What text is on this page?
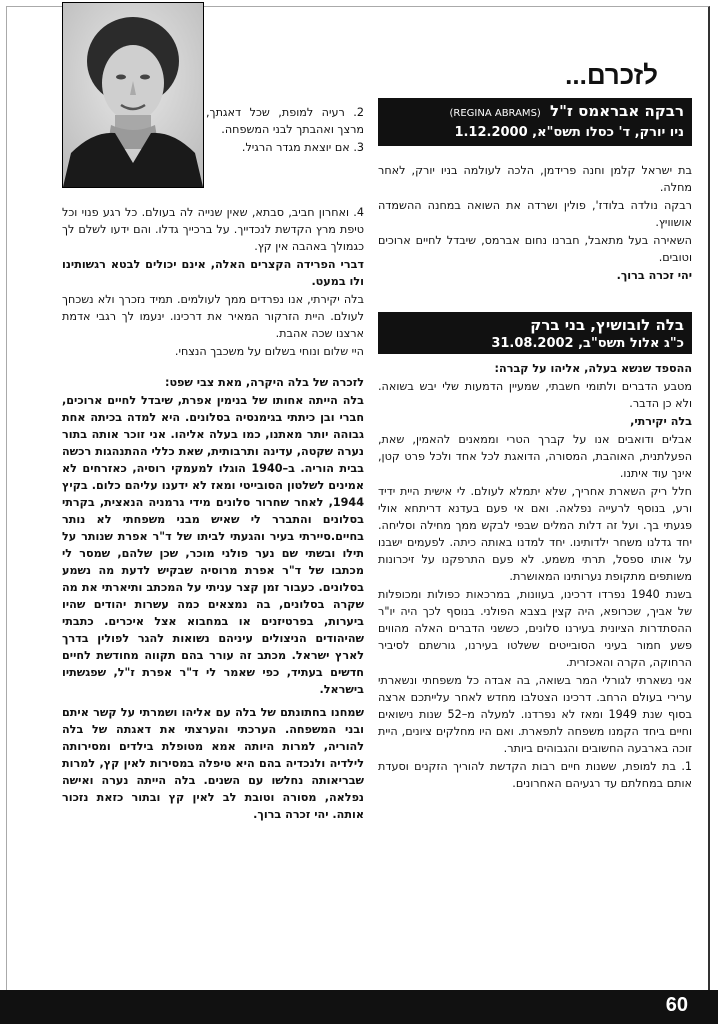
לזכרם...
רבקה אבראמס ז"ל (REGINA ABRAMS)
ניו יורק, ד' כסלו תשס"א, 1.12.2000

בת ישראל קלמן וחנה פרידמן, הלכה לעולמה בניו יורק, לאחר מחלה.

רבקה נולדה בלודז', פולין ושרדה את השואה במחנה ההשמדה אושוויץ.

השאירה בעל מתאבל, חברנו נחום אברמס, שיבדל לחיים ארוכים וטובים.

יהי זכרה ברוך.

בלה לובושיץ, בני ברק
כ"ג אלול תשס"ב, 31.08.2002

ההספד שנשא בעלה, אליהו על קברה:

מטבע הדברים ולתומי חשבתי, שמעיין הדמעות שלי יבש בשואה. ולא כן הדבר.

בלה יקירתי,

אבלים ודואבים אנו על קברך הטרי וממאנים להאמין, שאת, הפעלתנית, האוהבת, המסורה, הדואגת לכל אחד ולכל פרט קטן, אינך עוד איתנו.

חלל ריק השארת אחריך, שלא יתמלא לעולם. לי אישית היית ידיד ורע, בנוסף לרעייה נפלאה. ואם אי פעם בעדנא דריתחא אולי פגעתי בך. ועל זה דלות המלים שבפי לבקש ממך מחילה וסליחה. יחד גדלנו משחר ילדותינו. יחד למדנו באותה כיתה. לפעמים ישבנו על אותו ספסל, תרתי משמע. לא פעם התרפקנו על זיכרונות משותפים מתקופת נערותינו המאושרת.

בשנת 1940 נפרדו דרכינו, בעוונות, במרכאות כפולות ומכופלות של אביך, שכרופא, היה קצין בצבא הפולני. בנוסף לכך היה יו"ר ההסתדרות הציונית בעירנו סלונים, כששני הדברים האלה מהווים פשע חמור בעיני הסובייטים ששלטו בעירנו, גורשתם לסיביר הרחוקה, הקרה והאכזרית.

אני נשארתי לגורלי המר בשואה, בה אבדה כל משפחתי ונשארתי ערירי בעולם הרחב. דרכינו הצטלבו מחדש לאחר עלייתכם ארצה בסוף שנת 1949 ומאז לא נפרדנו. למעלה מ–52 שנות נישואים וחיים ביחד הקמנו משפחה לתפארת. ואם היו מחלקים ציונים, היית זוכה בארבעה החשובים והגבוהים ביותר.

1. בת למופת, ששנות חיים רבות הקדשת להוריך הזקנים וסעדת אותם במחלתם עד רגעיהם האחרונים.

2. רעיה למופת, שכל דאגתך, מרצך ואהבתך לבני המשפחה.

3. אם יוצאת מגדר הרגיל.

4. ואחרון חביב, סבתא, שאין שנייה לה בעולם. כל רגע פנוי וכל טיפת מרץ הקדשת לנכדייך. על ברכייך גדלו. והם ידעו לשלם לך כגמולך באהבה אין קץ.

דברי הפרידה הקצרים האלה, אינם יכולים לבטא רגשותינו ולו במעט.

בלה יקירתי, אנו נפרדים ממך לעולמים. תמיד נזכרך ולא נשכחך לעולם. היית הזרקור המאיר את דרכינו. ינעמו לך רגבי אדמת ארצנו שכה אהבת.

היי שלום ונוחי בשלום על משכבך הנצחי.

לזכרה של בלה היקרה, מאת צבי שפט:

בלה הייתה אחותו של בנימין אפרת, שיבדל לחיים ארוכים, חברי ובן כיתתי בגימנסיה בסלונים. היא למדה בכיתה אחת גבוהה יותר מאתנו, כמו בעלה אליהו. אני זוכר אותה בתור נערה שקטה, עדינה ותרבותית, שאת כללי ההתנהגות רכשה בבית הוריה. ב–1940 הוגלו למעמקי רוסיה, כאזרחים לא אמינים לשלטון הסובייטי ומאז לא ידענו עליהם כלום. בקיץ 1944, לאחר שחרור סלונים מידי גרמניה הנאצית, בקרתי בסלונים והתברר לי שאיש מבני משפחתי לא נותר בחיים.סיירתי בעיר והגעתי לביתו של ד"ר אפרת שנותר על תילו ובשתי שם נער פולני מוכר, שכן שלהם, שמסר לי מכתבו של ד"ר אפרת מרוסיה שבקיש לדעת מה נשמע בסלונים. כעבור זמן קצר עניתי על המכתב ותיארתי את מה שקרה בסלונים, בה נמצאים כמה עשרות יהודים שהיו ביערות, בפרטיזנים או במחבוא אצל איכרים. כתבתי שהיהודים הניצולים עיניהם נשואות להגר לפולין בדרך לארץ ישראל. מכתב זה עורר בהם תקווה מחודשת לחיים חדשים בעתיד, כפי שאמר לי ד"ר אפרת ז"ל, שפגשתיו בישראל.

שמחנו בחתונתם של בלה עם אליהו ושמרתי על קשר איתם ובני המשפחה. הערכתי והערצתי את דאגתה של בלה להוריה, למרות היותה אמא מטופלת בילדים ומסירותה לילדיה ולנכדיה בהם היא טיפלה במסירות לאין קץ, למרות שבריאותה נחלשו עם השנים. בלה הייתה נערה ואישה נפלאה, מסורה וטובת לב לאין קץ ובתור כזאת נזכור אותה. יהי זכרה ברוך.

60
